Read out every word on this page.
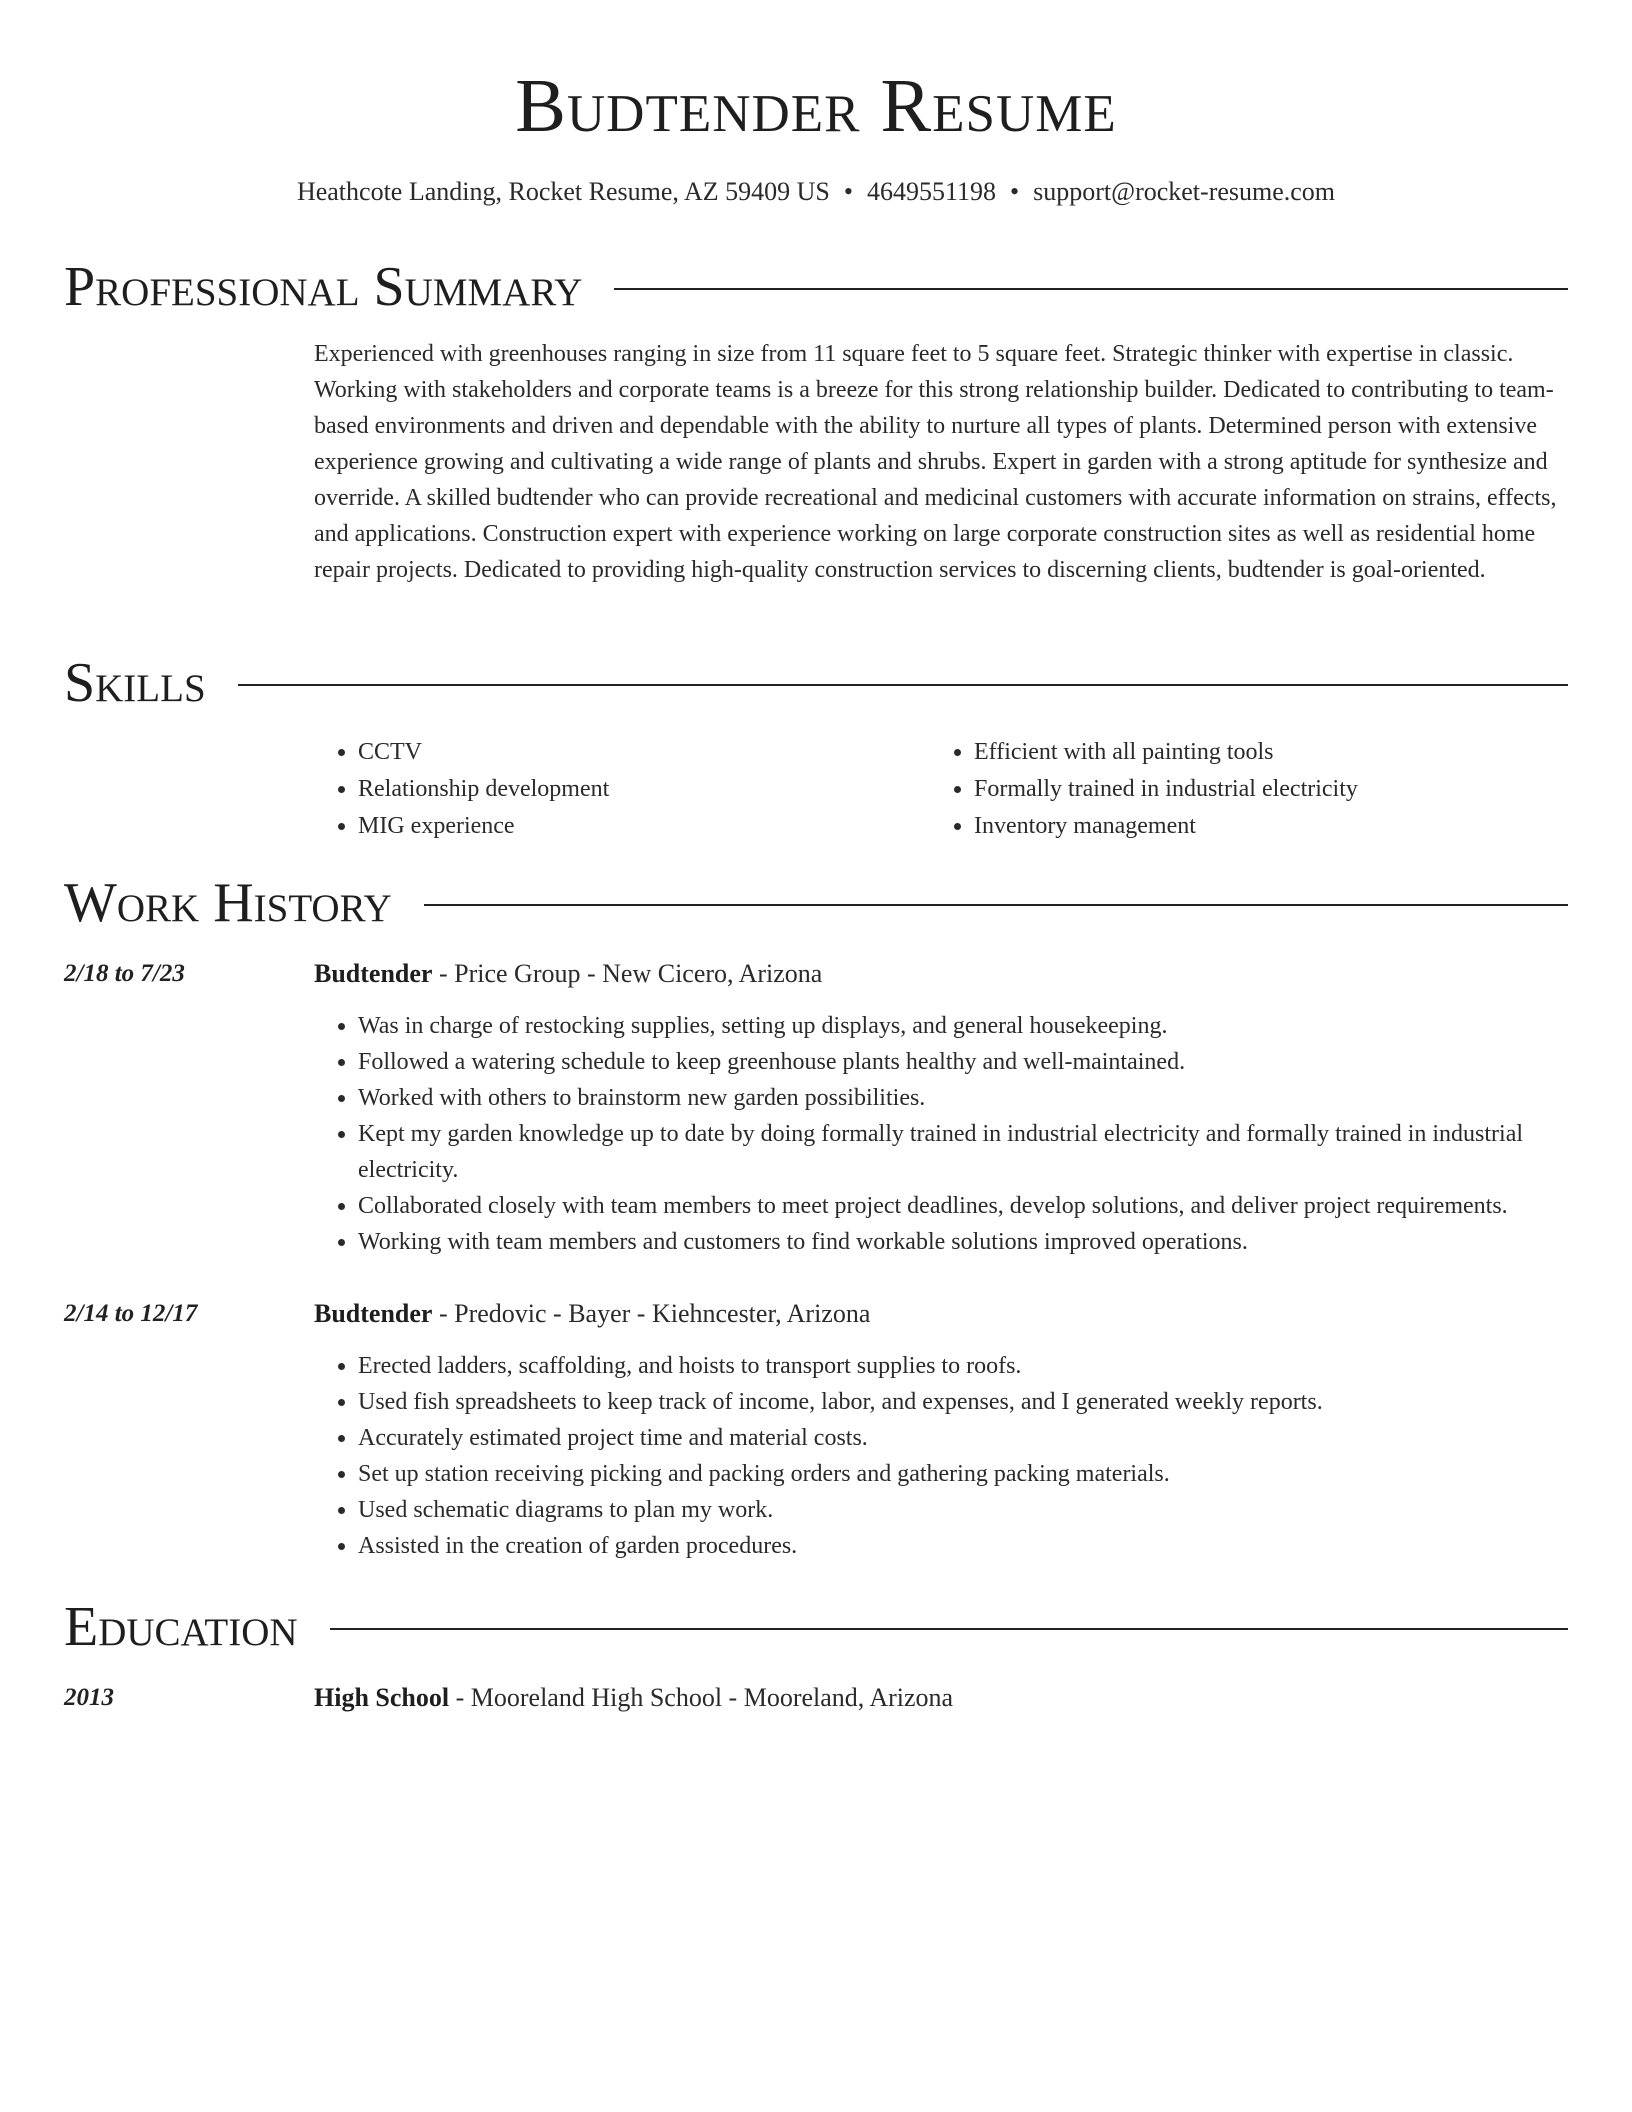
Budtender Resume
Heathcote Landing, Rocket Resume, AZ 59409 US • 4649551198 • support@rocket-resume.com
Professional Summary

Experienced with greenhouses ranging in size from 11 square feet to 5 square feet. Strategic thinker with expertise in classic. Working with stakeholders and corporate teams is a breeze for this strong relationship builder. Dedicated to contributing to team-based environments and driven and dependable with the ability to nurture all types of plants. Determined person with extensive experience growing and cultivating a wide range of plants and shrubs. Expert in garden with a strong aptitude for synthesize and override. A skilled budtender who can provide recreational and medicinal customers with accurate information on strains, effects, and applications. Construction expert with experience working on large corporate construction sites as well as residential home repair projects. Dedicated to providing high-quality construction services to discerning clients, budtender is goal-oriented.

Skills
• CCTV
• Relationship development
• MIG experience
• Efficient with all painting tools
• Formally trained in industrial electricity
• Inventory management
Work History
2/18 to 7/23	Budtender - Price Group - New Cicero, Arizona
• Was in charge of restocking supplies, setting up displays, and general housekeeping.
• Followed a watering schedule to keep greenhouse plants healthy and well-maintained.
• Worked with others to brainstorm new garden possibilities.
• Kept my garden knowledge up to date by doing formally trained in industrial electricity and formally trained in industrial electricity.
• Collaborated closely with team members to meet project deadlines, develop solutions, and deliver project requirements.
• Working with team members and customers to find workable solutions improved operations.
2/14 to 12/17	Budtender - Predovic - Bayer - Kiehncester, Arizona
• Erected ladders, scaffolding, and hoists to transport supplies to roofs.
• Used fish spreadsheets to keep track of income, labor, and expenses, and I generated weekly reports.
• Accurately estimated project time and material costs.
• Set up station receiving picking and packing orders and gathering packing materials.
• Used schematic diagrams to plan my work.
• Assisted in the creation of garden procedures.
Education
2013	High School - Mooreland High School - Mooreland, Arizona
